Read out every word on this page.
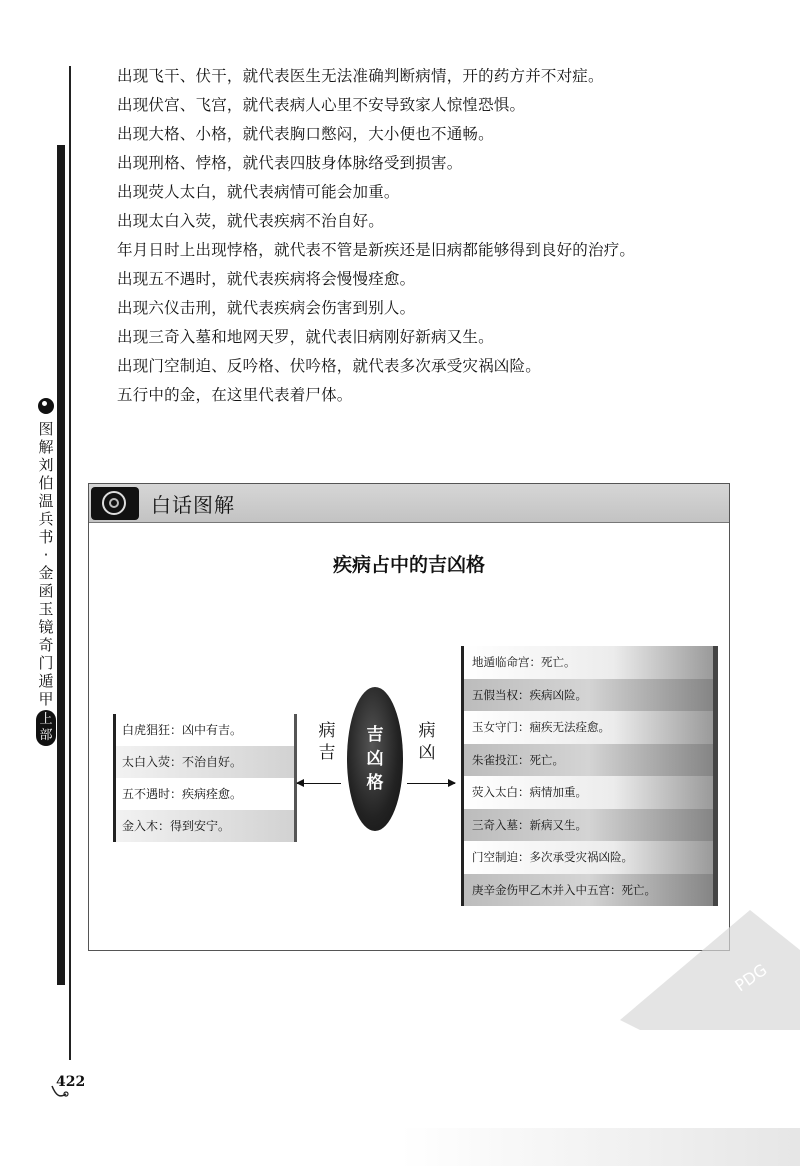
图
解
刘
伯
温
兵
书
·
金
函
玉
镜
奇
门
遁
甲
上
部

出现飞干、伏干，就代表医生无法准确判断病情，开的药方并不对症。

出现伏宫、飞宫，就代表病人心里不安导致家人惊惶恐惧。

出现大格、小格，就代表胸口憋闷，大小便也不通畅。

出现刑格、悖格，就代表四肢身体脉络受到损害。

出现荧人太白，就代表病情可能会加重。

出现太白入荧，就代表疾病不治自好。

年月日时上出现悖格，就代表不管是新疾还是旧病都能够得到良好的治疗。

出现五不遇时，就代表疾病将会慢慢痊愈。

出现六仪击刑，就代表疾病会伤害到别人。

出现三奇入墓和地网天罗，就代表旧病刚好新病又生。

出现门空制迫、反吟格、伏吟格，就代表多次承受灾祸凶险。

五行中的金，在这里代表着尸体。

白话图解
疾病占中的吉凶格
白虎猖狂：凶中有吉。
太白入荧：不治自好。
五不遇时：疾病痊愈。
金入木：得到安宁。
病
吉
病
凶
吉
凶
格
地遁临命宫：死亡。
五假当权：疾病凶险。
玉女守门：痼疾无法痊愈。
朱雀投江：死亡。
荧入太白：病情加重。
三奇入墓：新病又生。
门空制迫：多次承受灾祸凶险。
庚辛金伤甲乙木并入中五宫：死亡。
PDG
422
